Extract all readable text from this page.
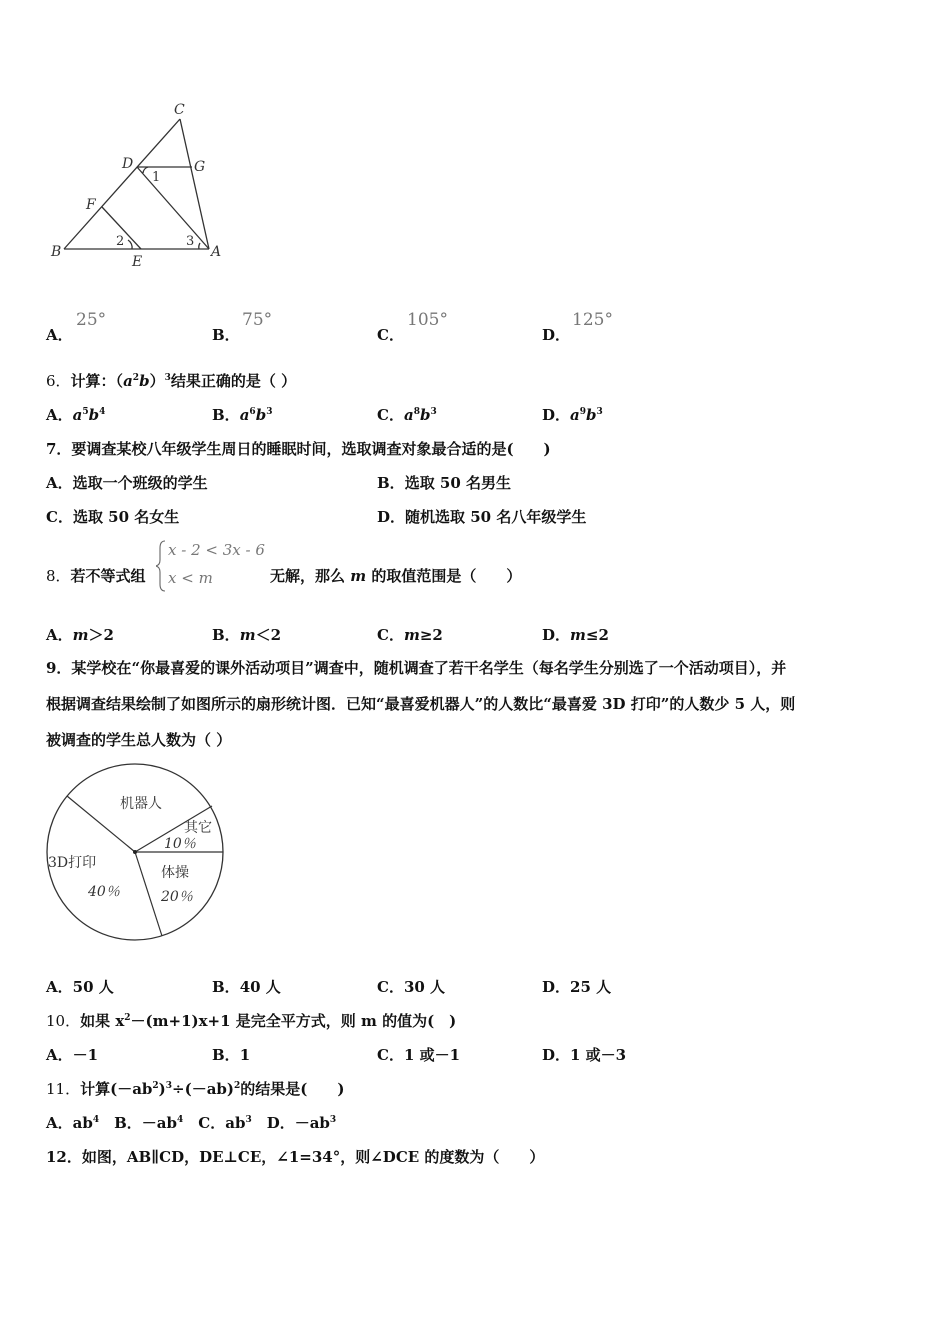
C
D	G
F
B
E
A
1
2	3
A．
25°
B．
75°
C．
105°
D．
125°
6．计算：$(a^2b)^3$结果正确的是（ ）
A．$a^5b^4$	B．$a^6b^3$	C．$a^8b^3$	D．$a^9b^3$
7．要调查某校八年级学生周日的睡眠时间，选取调查对象最合适的是(　　)
A．选取一个班级的学生	B．选取 50 名男生
C．选取 50 名女生	D．随机选取 50 名八年级学生
8．若不等式组
x - 2 < 3x - 6
x < m	无解，那么 m 的取值范围是（　　）
A．m＞2	B．m＜2	C．m≥2	D．m≤2
9．某学校在“你最喜爱的课外活动项目”调查中，随机调查了若干名学生（每名学生分别选了一个活动项目），并
根据调查结果绘制了如图所示的扇形统计图．已知“最喜爱机器人”的人数比“最喜爱 3D 打印”的人数少 5 人，则
被调查的学生总人数为（ ）
机器人
其它
10％
体操
20％
3D打印
40％
A．50 人	B．40 人	C．30 人	D．25 人
10．如果 $x^2-(m+1)x+1$ 是完全平方式，则 m 的值为(　)
A．－1	B．1	C．1 或－1	D．1 或－3
11．计算$(-ab^2)^3\div(-ab)^2$的结果是(　　)
A．$ab^4$　B．$-ab^4$　C．$ab^3$　D．$-ab^3$
12．如图，AB∥CD，DE⊥CE，∠1=34°，则∠DCE 的度数为（　　）
